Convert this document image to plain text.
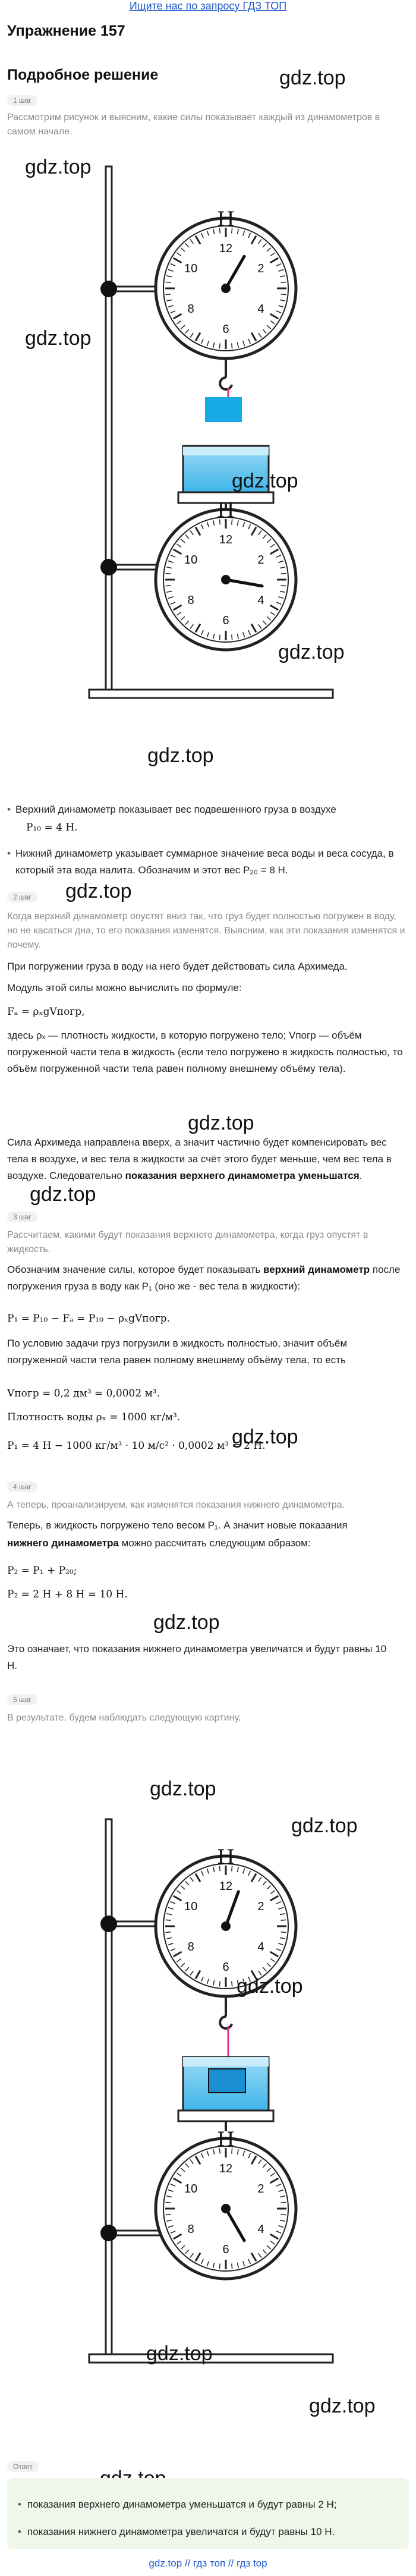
Ищите нас по запросу ГДЗ ТОП
Упражнение 157
Подробное решение
1 шаг
Рассмотрим рисунок и выясним, какие силы показывает каждый из динамометров в самом начале.
12
2
4
6
8
10
12
2
4
6
8
10
Н
Н
gdz.top
gdz.top
gdz.top
gdz.top
gdz.top
gdz.top
• Верхний динамометр показывает вес подвешенного груза в воздухе
P₁₀ = 4 H.
• Нижний динамометр указывает суммарное значение веса воды и веса сосуда, в который эта вода налита. Обозначим и этот вес P₂₀ = 8 H.
2 шаг gdz.top
Когда верхний динамометр опустят вниз так, что груз будет полностью погружен в воду, но не касаться дна, то его показания изменятся. Выясним, как эти показания изменятся и почему.
При погружении груза в воду на него будет действовать сила Архимеда.
Модуль этой силы можно вычислить по формуле:
Fₐ = ρₓgVпогр,
здесь ρₓ — плотность жидкости, в которую погружено тело; Vпогр — объём погруженной части тела в жидкость (если тело погружено в жидкость полностью, то объём погруженной части тела равен полному внешнему объёму тела).
gdz.top
Сила Архимеда направлена вверх, а значит частично будет компенсировать вес тела в воздухе, и вес тела в жидкости за счёт этого будет меньше, чем вес тела в воздухе. Следовательно показания верхнего динамометра уменьшатся.
gdz.top
3 шаг
Рассчитаем, какими будут показания верхнего динамометра, когда груз опустят в жидкость.
Обозначим значение силы, которое будет показывать верхний динамометр после погружения груза в воду как P₁ (оно же - вес тела в жидкости):
P₁ = P₁₀ − Fₐ = P₁₀ − ρₓgVпогр.
По условию задачи груз погрузили в жидкость полностью, значит объём погруженной части тела равен полному внешнему объёму тела, то есть
Vпогр = 0,2 дм³ = 0,0002 м³.
Плотность воды ρₓ = 1000 кг/м³.
gdz.top
P₁ = 4 H − 1000 кг/м³ · 10 м/с² · 0,0002 м³ = 2 H.
4 шаг
А теперь, проанализируем, как изменятся показания нижнего динамометра.
Теперь, в жидкость погружено тело весом P₁. А значит новые показания
нижнего динамометра можно рассчитать следующим образом:
P₂ = P₁ + P₂₀;
P₂ = 2 H + 8 H = 10 H.
gdz.top
Это означает, что показания нижнего динамометра увеличатся и будут равны 10 H.
5 шаг
В результате, будем наблюдать следующую картину.
12
2
4
6
8
10
12
2
4
6
8
10
Н
Н
gdz.top
gdz.top
gdz.top
gdz.top
gdz.top
Ответ
• показания верхнего динамометра уменьшатся и будут равны 2 H;
• показания нижнего динамометра увеличатся и будут равны 10 H.
gdz.top // гдз топ // гдз top
